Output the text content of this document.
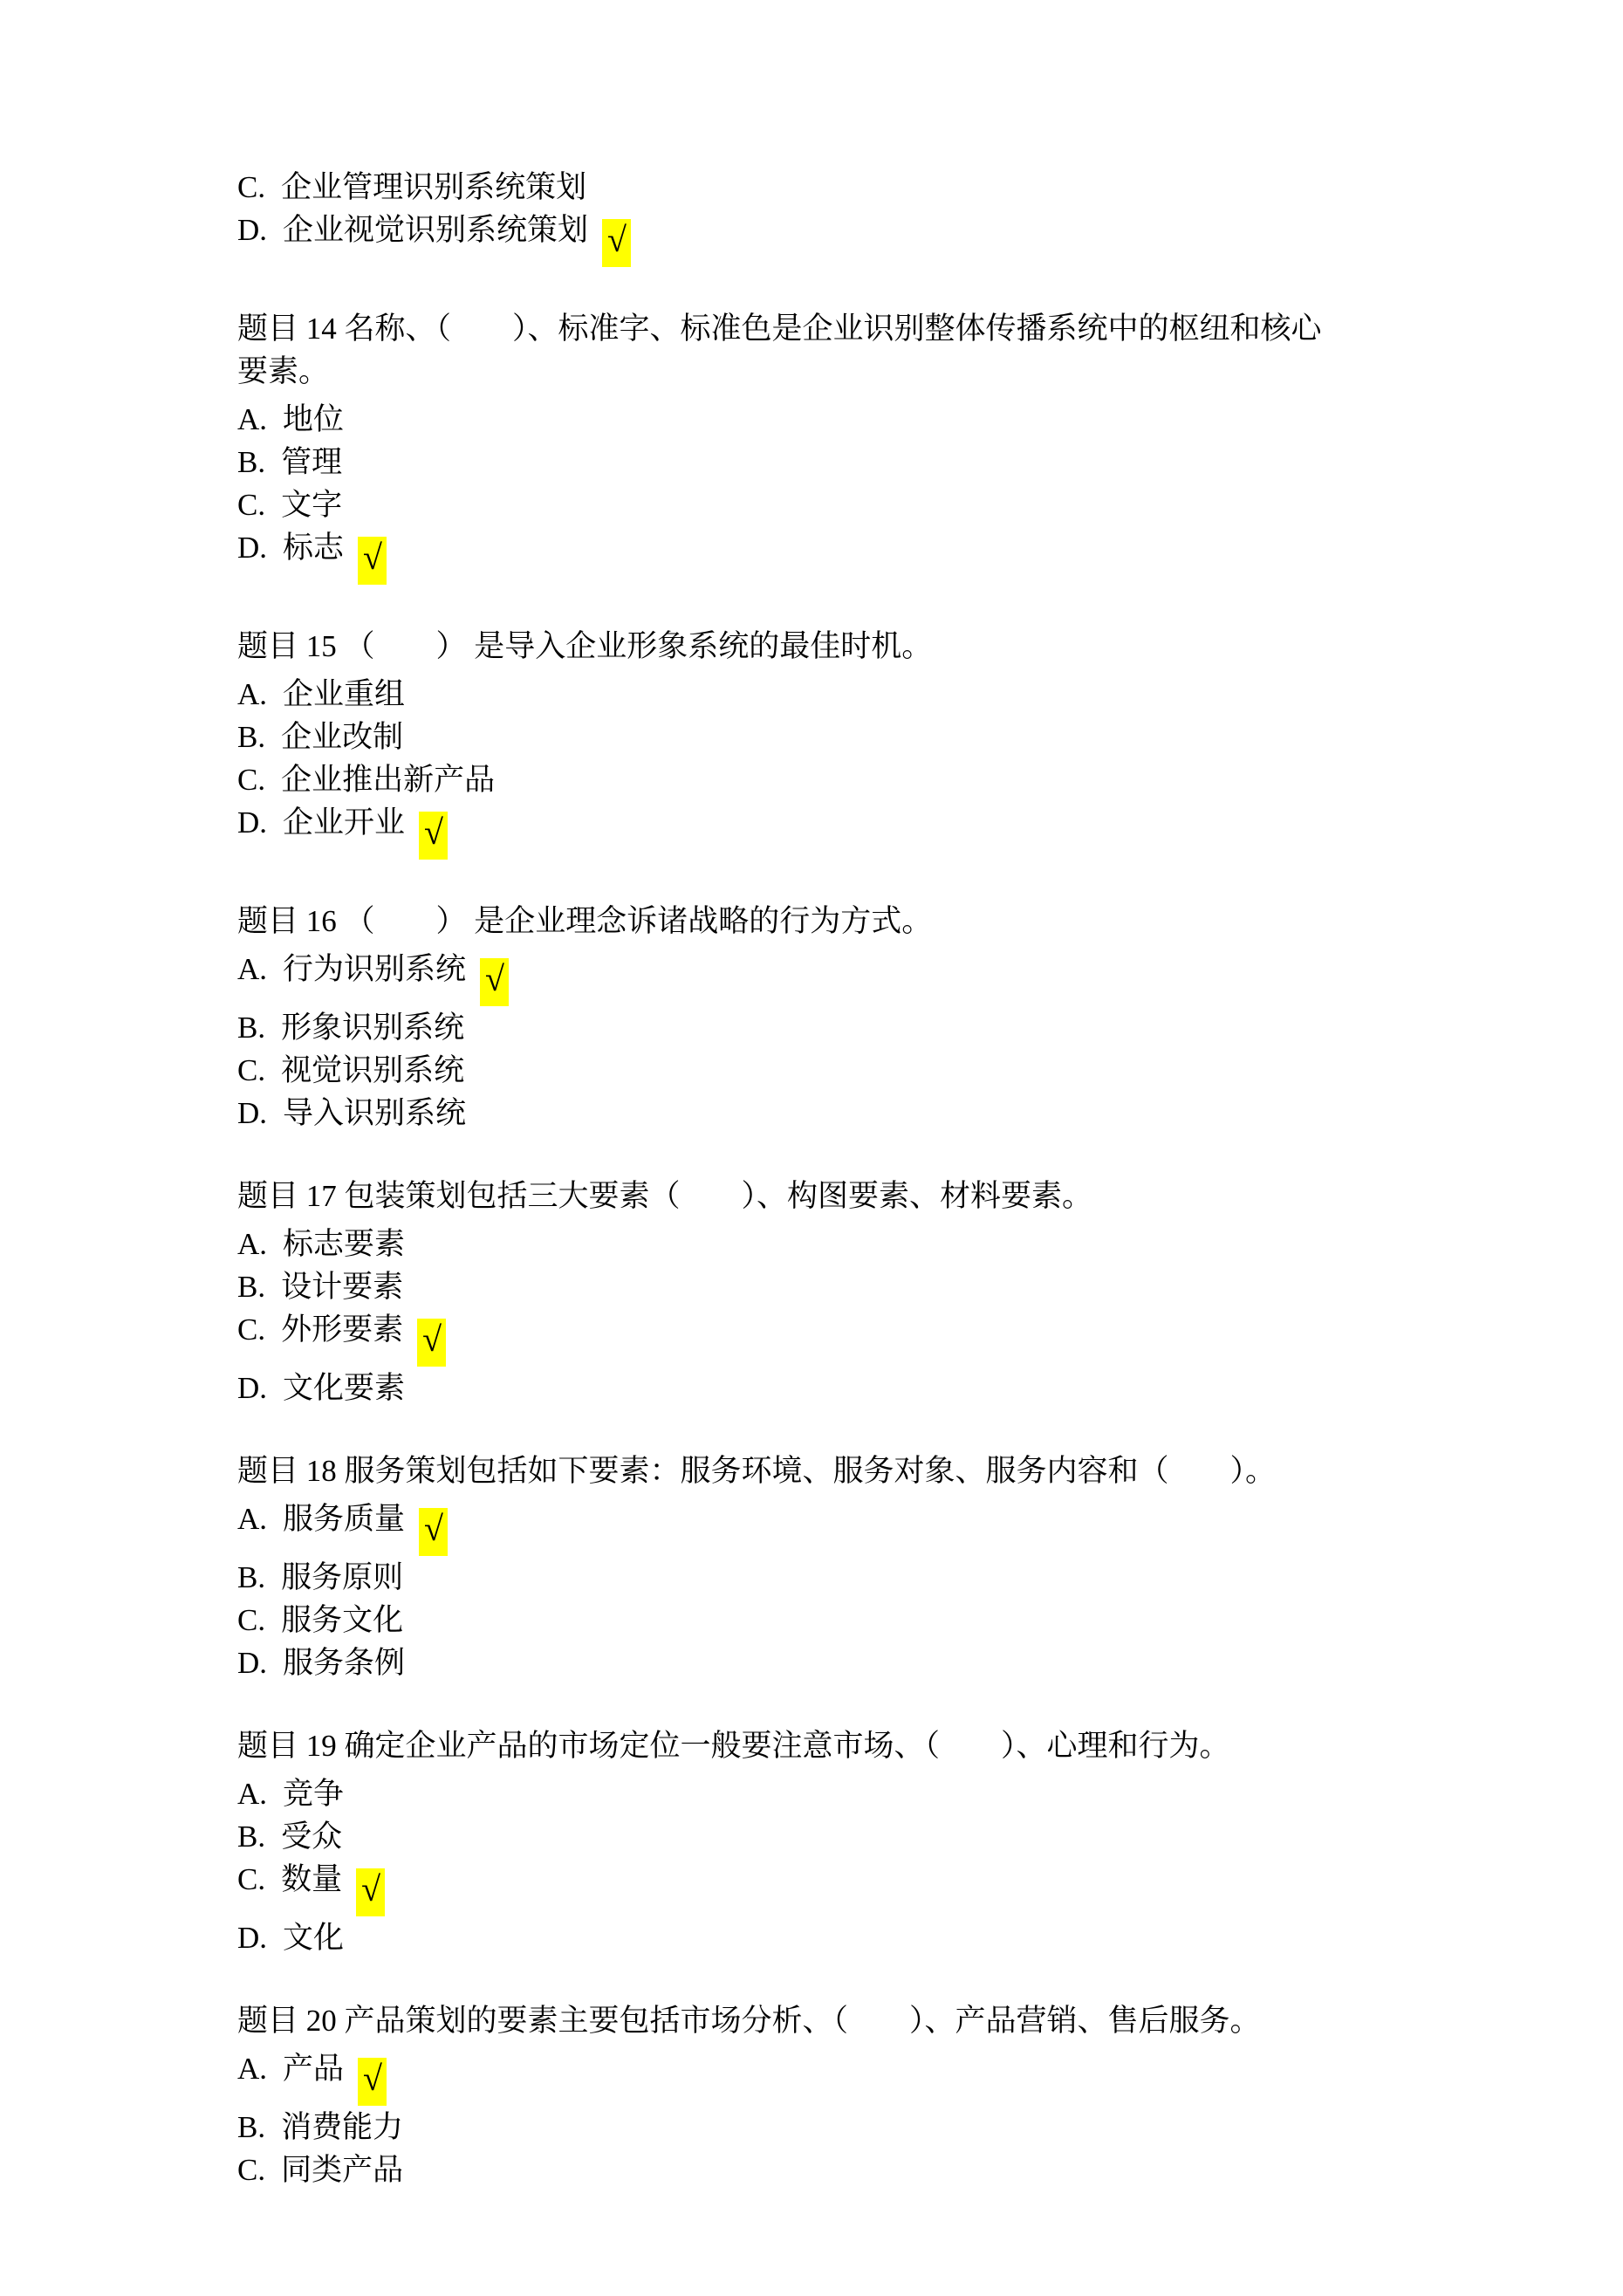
C. 企业管理识别系统策划
D. 企业视觉识别系统策划 √
题目 14 名称、（　　）、标准字、标准色是企业识别整体传播系统中的枢纽和核心
要素。
A. 地位
B. 管理
C. 文字
D. 标志 √
题目 15 （　　） 是导入企业形象系统的最佳时机。
A. 企业重组
B. 企业改制
C. 企业推出新产品
D. 企业开业 √
题目 16 （　　） 是企业理念诉诸战略的行为方式。
A. 行为识别系统 √
B. 形象识别系统
C. 视觉识别系统
D. 导入识别系统
题目 17 包装策划包括三大要素（　　）、构图要素、材料要素。
A. 标志要素
B. 设计要素
C. 外形要素 √
D. 文化要素
题目 18 服务策划包括如下要素：服务环境、服务对象、服务内容和（　　）。
A. 服务质量 √
B. 服务原则
C. 服务文化
D. 服务条例
题目 19 确定企业产品的市场定位一般要注意市场、（　　）、心理和行为。
A. 竞争
B. 受众
C. 数量 √
D. 文化
题目 20 产品策划的要素主要包括市场分析、（　　）、产品营销、售后服务。
A. 产品 √
B. 消费能力
C. 同类产品
